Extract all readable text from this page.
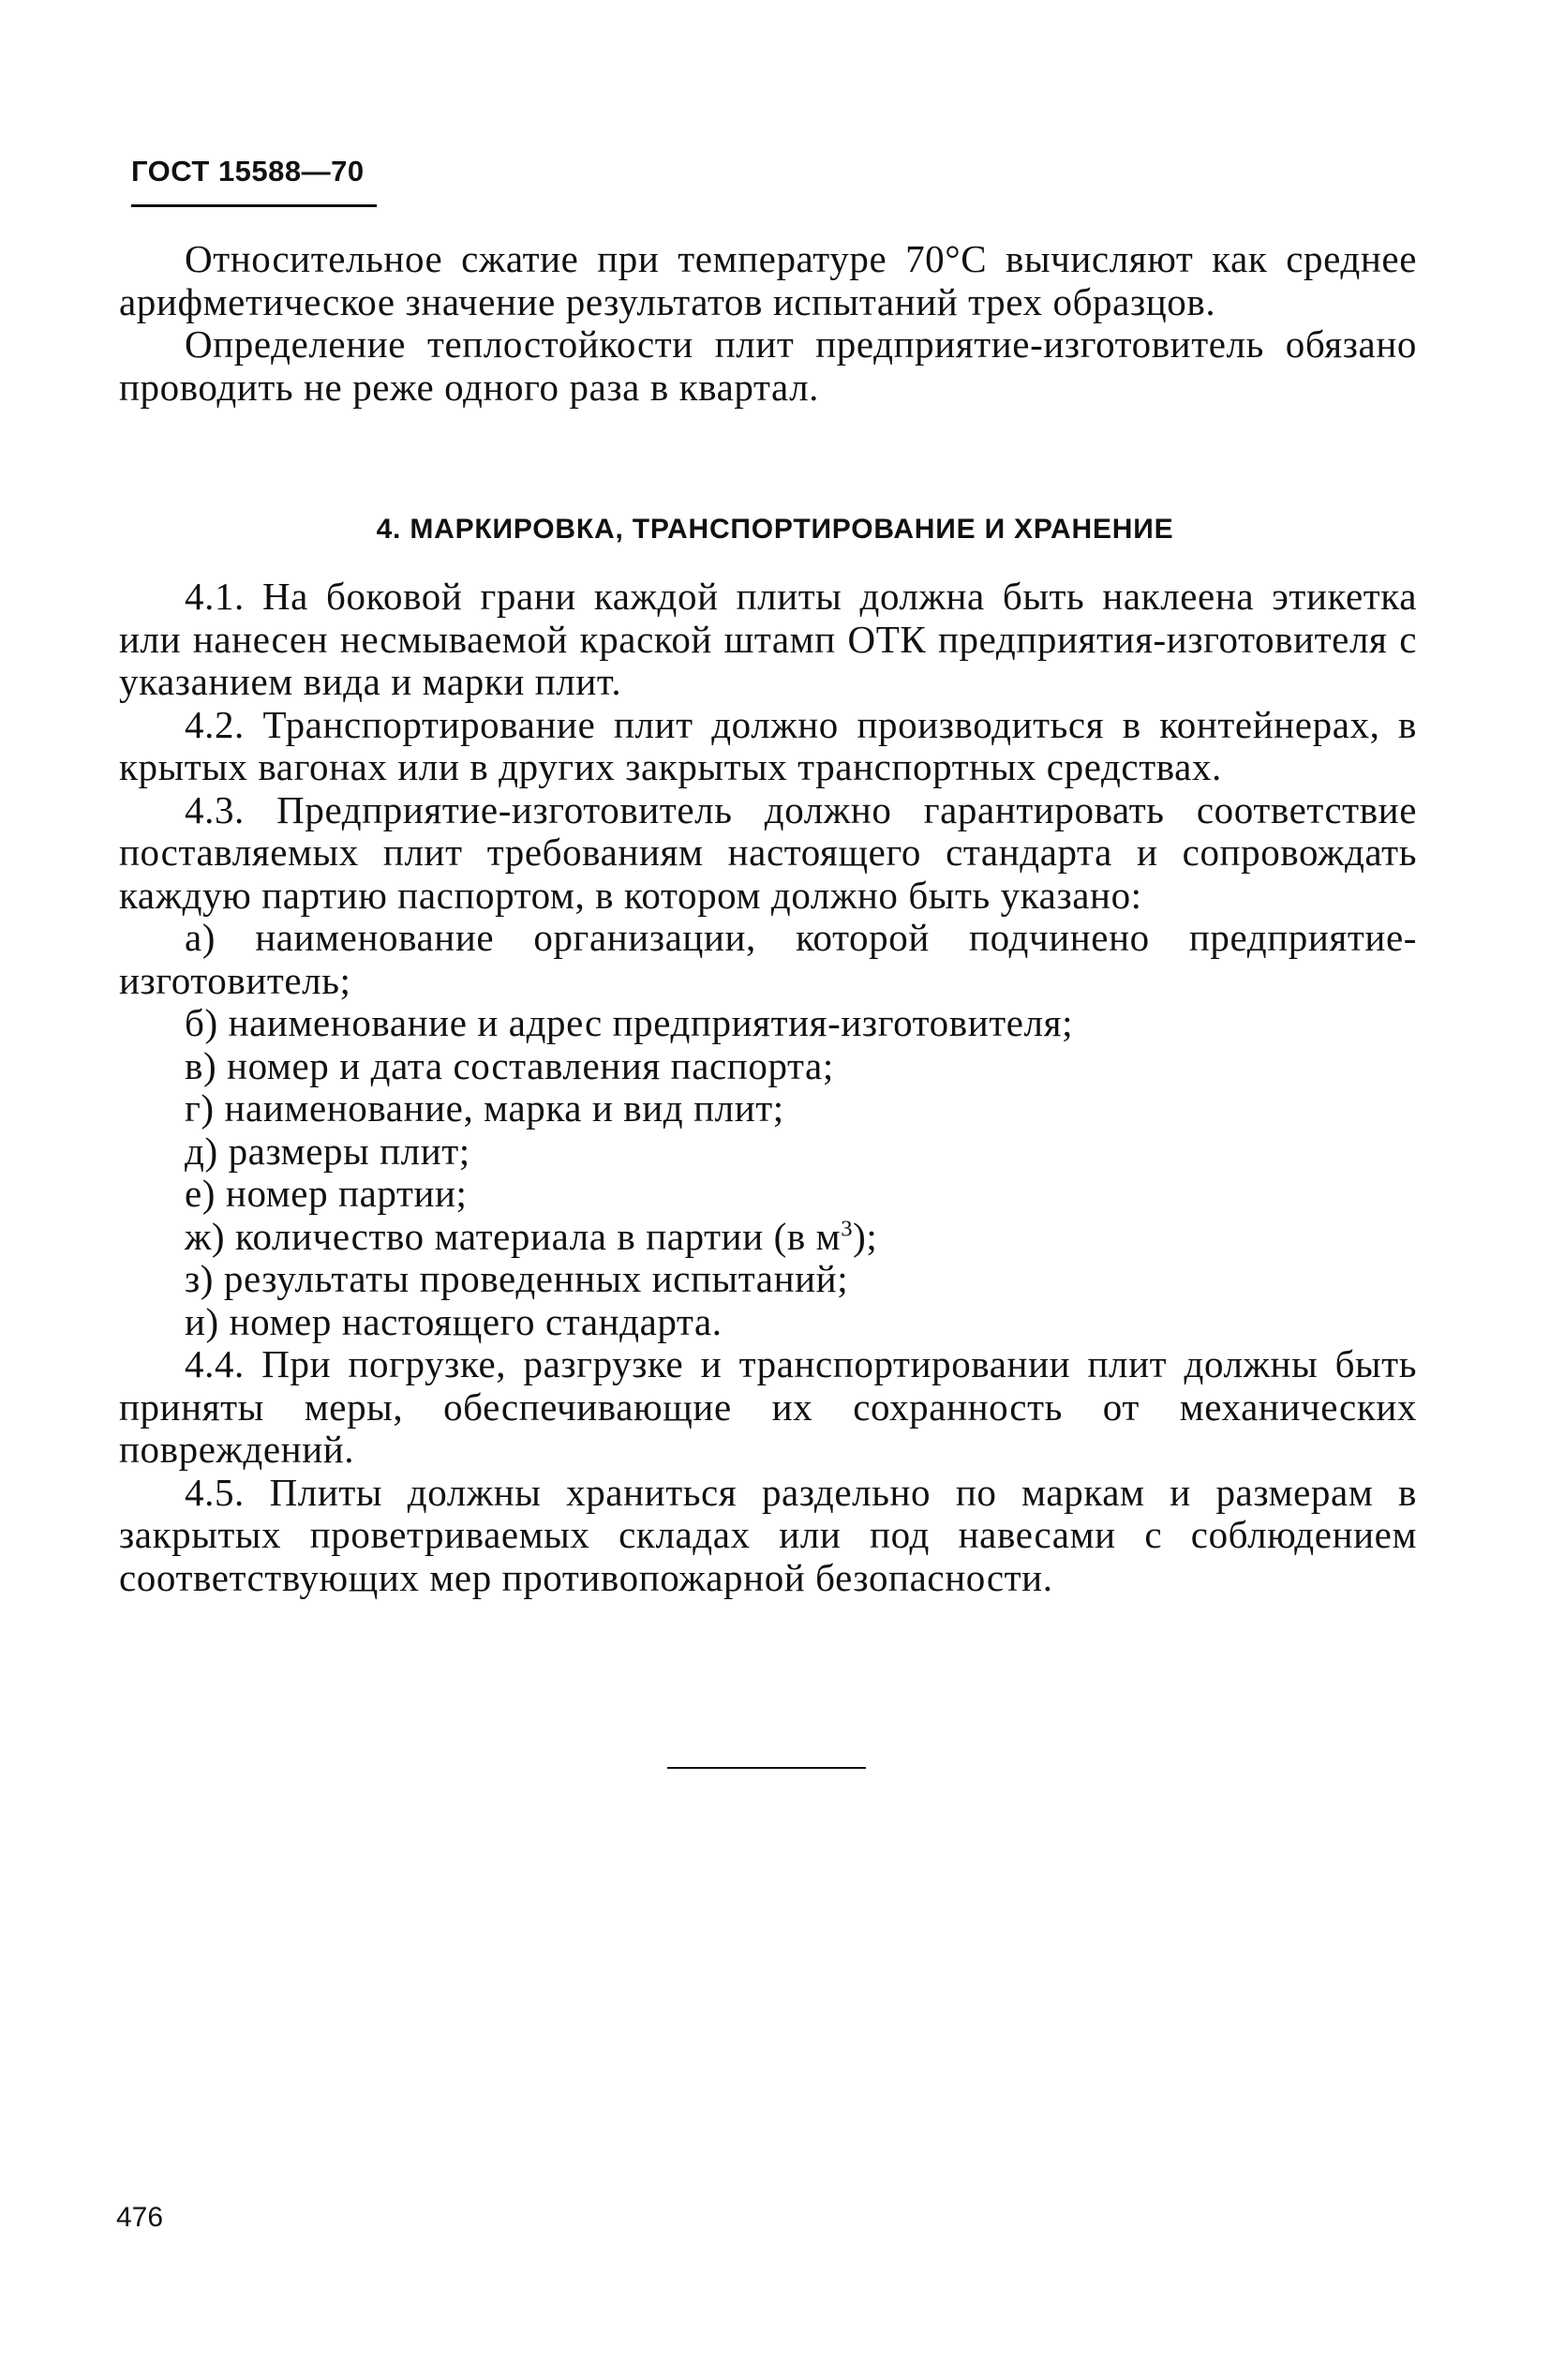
ГОСТ 15588—70

Относительное сжатие при температуре 70°С вычисляют как среднее арифметическое значение результатов испытаний трех образцов.

Определение теплостойкости плит предприятие-изготовитель обязано проводить не реже одного раза в квартал.

4. МАРКИРОВКА, ТРАНСПОРТИРОВАНИЕ И ХРАНЕНИЕ

4.1. На боковой грани каждой плиты должна быть наклеена этикетка или нанесен несмываемой краской штамп ОТК предприятия-изготовителя с указанием вида и марки плит.

4.2. Транспортирование плит должно производиться в контейнерах, в крытых вагонах или в других закрытых транспортных средствах.

4.3. Предприятие-изготовитель должно гарантировать соответствие поставляемых плит требованиям настоящего стандарта и сопровождать каждую партию паспортом, в котором должно быть указано:

а) наименование организации, которой подчинено предприятие-изготовитель;

б) наименование и адрес предприятия-изготовителя;

в) номер и дата составления паспорта;

г) наименование, марка и вид плит;

д) размеры плит;

е) номер партии;

ж) количество материала в партии (в $м^3$);

з) результаты проведенных испытаний;

и) номер настоящего стандарта.

4.4. При погрузке, разгрузке и транспортировании плит должны быть приняты меры, обеспечивающие их сохранность от механических повреждений.

4.5. Плиты должны храниться раздельно по маркам и размерам в закрытых проветриваемых складах или под навесами с соблюдением соответствующих мер противопожарной безопасности.

476
